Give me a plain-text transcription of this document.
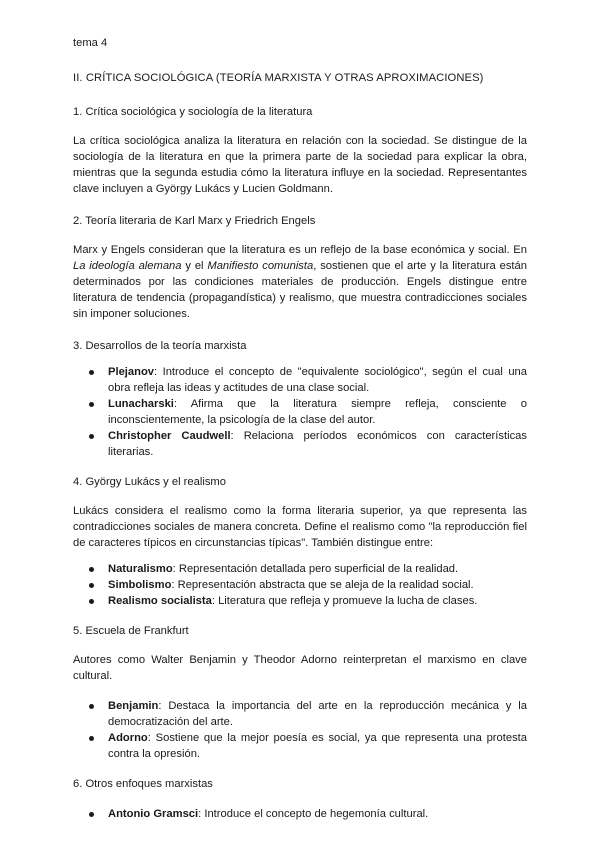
tema 4

II. CRÍTICA SOCIOLÓGICA (TEORÍA MARXISTA Y OTRAS APROXIMACIONES)

1. Crítica sociológica y sociología de la literatura

La crítica sociológica analiza la literatura en relación con la sociedad. Se distingue de la sociología de la literatura en que la primera parte de la sociedad para explicar la obra, mientras que la segunda estudia cómo la literatura influye en la sociedad. Representantes clave incluyen a György Lukács y Lucien Goldmann.

2. Teoría literaria de Karl Marx y Friedrich Engels

Marx y Engels consideran que la literatura es un reflejo de la base económica y social. En La ideología alemana y el Manifiesto comunista, sostienen que el arte y la literatura están determinados por las condiciones materiales de producción. Engels distingue entre literatura de tendencia (propagandística) y realismo, que muestra contradicciones sociales sin imponer soluciones.

3. Desarrollos de la teoría marxista

Plejanov: Introduce el concepto de "equivalente sociológico", según el cual una obra refleja las ideas y actitudes de una clase social.
Lunacharski: Afirma que la literatura siempre refleja, consciente o inconscientemente, la psicología de la clase del autor.
Christopher Caudwell: Relaciona períodos económicos con características literarias.

4. György Lukács y el realismo

Lukács considera el realismo como la forma literaria superior, ya que representa las contradicciones sociales de manera concreta. Define el realismo como "la reproducción fiel de caracteres típicos en circunstancias típicas". También distingue entre:

Naturalismo: Representación detallada pero superficial de la realidad.
Simbolismo: Representación abstracta que se aleja de la realidad social.
Realismo socialista: Literatura que refleja y promueve la lucha de clases.

5. Escuela de Frankfurt

Autores como Walter Benjamin y Theodor Adorno reinterpretan el marxismo en clave cultural.

Benjamin: Destaca la importancia del arte en la reproducción mecánica y la democratización del arte.
Adorno: Sostiene que la mejor poesía es social, ya que representa una protesta contra la opresión.

6. Otros enfoques marxistas

Antonio Gramsci: Introduce el concepto de hegemonía cultural.
